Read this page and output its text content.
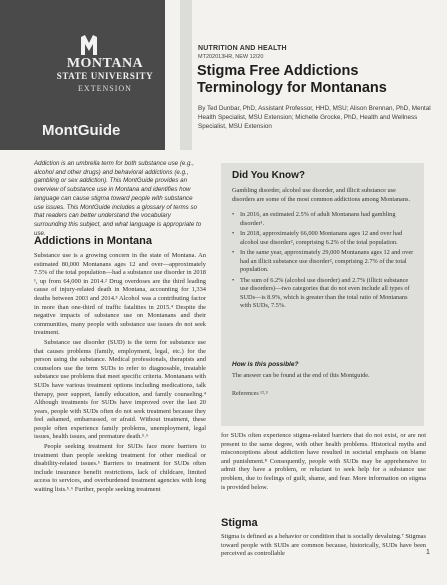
MONTANA
STATE UNIVERSITY
EXTENSION
MontGuide
NUTRITION AND HEALTH
MT202013HR, NEW 12/20
Stigma Free Addictions Terminology for Montanans
By Ted Dunbar, PhD, Assistant Professor, HHD, MSU; Alison Brennan, PhD, Mental Health Specialist, MSU Extension; Michelle Grocke, PhD, Health and Wellness Specialist, MSU Extension
Addiction is an umbrella term for both substance use (e.g., alcohol and other drugs) and behavioral addictions (e.g., gambling or sex addiction). This MontGuide provides an overview of substance use in Montana and identifies how language can cause stigma toward people with substance use issues. This MontGuide includes a glossary of terms so that readers can better understand the vocabulary surrounding this subject, and what language is appropriate to use.
Addictions in Montana

Substance use is a growing concern in the state of Montana. An estimated 80,000 Montanans ages 12 and over—approximately 7.5% of the total population—had a substance use disorder in 2018 ¹, up from 64,000 in 2014.² Drug overdoses are the third leading cause of injury-related death in Montana, accounting for 1,334 deaths between 2003 and 2014.³ Alcohol was a contributing factor in more than one-third of traffic fatalities in 2015.⁴ Despite the negative impacts of substance use on Montanans and their communities, many people with substance use issues do not seek treatment.

Substance use disorder (SUD) is the term for substance use that causes problems (family, employment, legal, etc.) for the person using the substance. Medical professionals, therapists and counselors use the term SUDs to refer to diagnosable, treatable substance use problems that meet specific criteria. Montanans with SUDs have various treatment options including medications, talk therapy, peer support, family education, and family counseling.⁴ Although treatments for SUDs have improved over the last 20 years, people with SUDs often do not seek treatment because they feel ashamed, embarrassed, or afraid. Without treatment, these people often experience family problems, unemployment, legal issues, health issues, and premature death.⁵˒⁶

People seeking treatment for SUDs face more barriers to treatment than people seeking treatment for other medical or disability-related issues.⁵ Barriers to treatment for SUDs often include insurance benefit restrictions, lack of childcare, limited access to services, and overburdened treatment agencies with long waiting lists.⁵˒⁶ Further, people seeking treatment

Did You Know?
Gambling disorder, alcohol use disorder, and illicit substance use disorders are some of the most common addictions among Montanans.
• In 2016, an estimated 2.5% of adult Montanans had gambling disorder¹.
• In 2018, approximately 66,000 Montanans ages 12 and over had alcohol use disorder², comprising 6.2% of the total population.
• In the same year, approximately 29,000 Montanans ages 12 and over had an illicit substance use disorder², comprising 2.7% of the total population.
• The sum of 6.2% (alcohol use disorder) and 2.7% (illicit substance use disorders)—two categories that do not even include all types of SUDs—is 8.9%, which is greater than the total ratio of Montanans with SUDs, 7.5%.
How is this possible?
The answer can be found at the end of this Montguide.
References ¹²˒³
for SUDs often experience stigma-related barriers that do not exist, or are not present to the same degree, with other health problems. Historical myths and misconceptions about addiction have resulted in societal emphasis on blame and punishment.⁸ Consequently, people with SUDs may be apprehensive to admit they have a problem, or reluctant to seek help for a substance use problem, due to feelings of guilt, shame, and fear. More information on stigma is provided below.
Stigma
Stigma is defined as a behavior or condition that is socially devaluing.⁷ Stigmas toward people with SUDs are common because, historically, SUDs have been perceived as controllable	1
